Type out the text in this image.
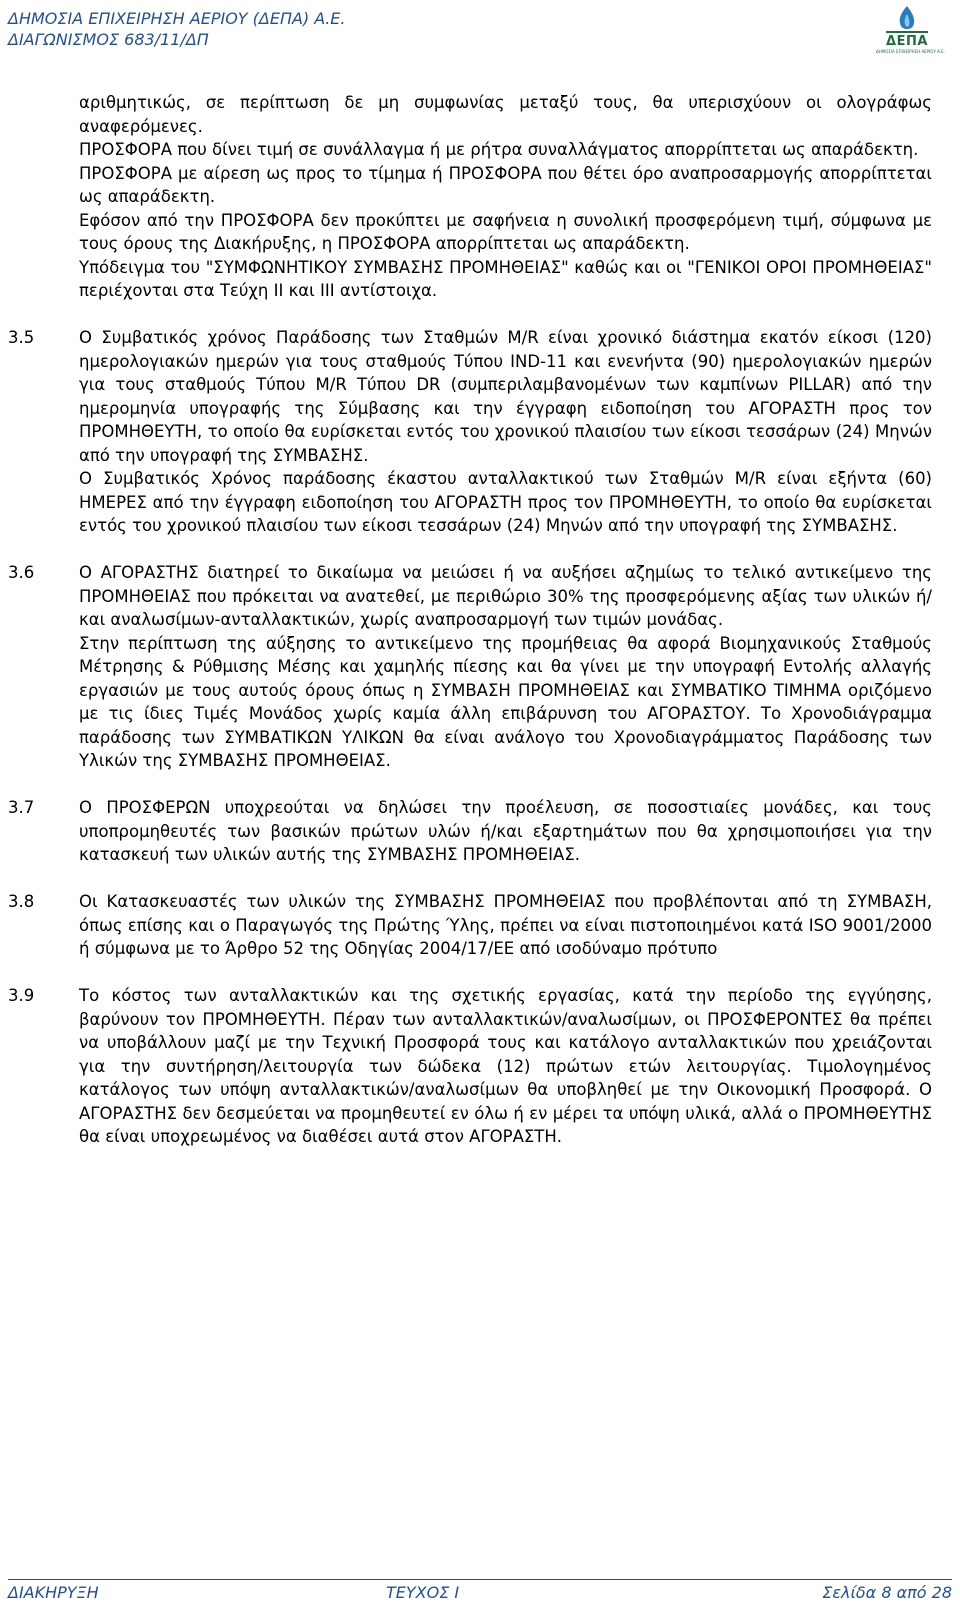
ΔΗΜΟΣΙΑ ΕΠΙΧΕΙΡΗΣΗ ΑΕΡΙΟΥ (ΔΕΠΑ) Α.Ε.
ΔΙΑΓΩΝΙΣΜΟΣ 683/11/ΔΠ	ΔΕΠΑ
ΔΗΜΟΣΙΑ ΕΠΙΧΕΙΡΗΣΗ ΑΕΡΙΟΥ Α.Ε.

αριθμητικώς, σε περίπτωση δε μη συμφωνίας μεταξύ τους, θα υπερισχύουν οι ολογράφως αναφερόμενες.

ΠΡΟΣΦΟΡΑ που δίνει τιμή σε συνάλλαγμα ή με ρήτρα συναλλάγματος απορρίπτεται ως απαράδεκτη.

ΠΡΟΣΦΟΡΑ με αίρεση ως προς το τίμημα ή ΠΡΟΣΦΟΡΑ που θέτει όρο αναπροσαρμογής απορρίπτεται ως απαράδεκτη.

Εφόσον από την ΠΡΟΣΦΟΡΑ δεν προκύπτει με σαφήνεια η συνολική προσφερόμενη τιμή, σύμφωνα με τους όρους της Διακήρυξης, η ΠΡΟΣΦΟΡΑ απορρίπτεται ως απαράδεκτη.

Υπόδειγμα του "ΣΥΜΦΩΝΗΤΙΚΟΥ ΣΥΜΒΑΣΗΣ ΠΡΟΜΗΘΕΙΑΣ" καθώς και οι "ΓΕΝΙΚΟΙ ΟΡΟΙ ΠΡΟΜΗΘΕΙΑΣ" περιέχονται στα Τεύχη ΙΙ και ΙΙΙ αντίστοιχα.

3.5	Ο Συμβατικός χρόνος Παράδοσης των Σταθμών M/R είναι χρονικό διάστημα εκατόν είκοσι (120) ημερολογιακών ημερών για τους σταθμούς Τύπου IND-11 και ενενήντα (90) ημερολογιακών ημερών για τους σταθμούς Τύπου M/R Τύπου DR (συμπεριλαμβανομένων των καμπίνων PILLAR) από την ημερομηνία υπογραφής της Σύμβασης και την έγγραφη ειδοποίηση του ΑΓΟΡΑΣΤΗ προς τον ΠΡΟΜΗΘΕΥΤΗ, το οποίο θα ευρίσκεται εντός του χρονικού πλαισίου των είκοσι τεσσάρων (24) Μηνών από την υπογραφή της ΣΥΜΒΑΣΗΣ.

Ο Συμβατικός Χρόνος παράδοσης έκαστου ανταλλακτικού των Σταθμών M/R είναι εξήντα (60) ΗΜΕΡΕΣ από την έγγραφη ειδοποίηση του ΑΓΟΡΑΣΤΗ προς τον ΠΡΟΜΗΘΕΥΤΗ, το οποίο θα ευρίσκεται εντός του χρονικού πλαισίου των είκοσι τεσσάρων (24) Μηνών από την υπογραφή της ΣΥΜΒΑΣΗΣ.

3.6	Ο ΑΓΟΡΑΣΤΗΣ διατηρεί το δικαίωμα να μειώσει ή να αυξήσει αζημίως το τελικό αντικείμενο της ΠΡΟΜΗΘΕΙΑΣ που πρόκειται να ανατεθεί, με περιθώριο 30% της προσφερόμενης αξίας των υλικών ή/και αναλωσίμων-ανταλλακτικών, χωρίς αναπροσαρμογή των τιμών μονάδας.

Στην περίπτωση της αύξησης το αντικείμενο της προμήθειας θα αφορά Βιομηχανικούς Σταθμούς Μέτρησης & Ρύθμισης Μέσης και χαμηλής πίεσης και θα γίνει με την υπογραφή Εντολής αλλαγής εργασιών με τους αυτούς όρους όπως η ΣΥΜΒΑΣΗ ΠΡΟΜΗΘΕΙΑΣ και ΣΥΜΒΑΤΙΚΟ ΤΙΜΗΜΑ οριζόμενο με τις ίδιες Τιμές Μονάδος χωρίς καμία άλλη επιβάρυνση του ΑΓΟΡΑΣΤΟΥ. Το Χρονοδιάγραμμα παράδοσης των ΣΥΜΒΑΤΙΚΩΝ ΥΛΙΚΩΝ θα είναι ανάλογο του Χρονοδιαγράμματος Παράδοσης των Υλικών της ΣΥΜΒΑΣΗΣ ΠΡΟΜΗΘΕΙΑΣ.

3.7	Ο ΠΡΟΣΦΕΡΩΝ υποχρεούται να δηλώσει την προέλευση, σε ποσοστιαίες μονάδες, και τους υποπρομηθευτές των βασικών πρώτων υλών ή/και εξαρτημάτων που θα χρησιμοποιήσει για την κατασκευή των υλικών αυτής της ΣΥΜΒΑΣΗΣ ΠΡΟΜΗΘΕΙΑΣ.

3.8	Οι Κατασκευαστές των υλικών της ΣΥΜΒΑΣΗΣ ΠΡΟΜΗΘΕΙΑΣ που προβλέπονται από τη ΣΥΜΒΑΣΗ, όπως επίσης και ο Παραγωγός της Πρώτης Ύλης, πρέπει να είναι πιστοποιημένοι κατά ISO 9001/2000 ή σύμφωνα με το Άρθρο 52 της Οδηγίας 2004/17/ΕΕ από ισοδύναμο πρότυπο

3.9	Το κόστος των ανταλλακτικών και της σχετικής εργασίας, κατά την περίοδο της εγγύησης, βαρύνουν τον ΠΡΟΜΗΘΕΥΤΗ. Πέραν των ανταλλακτικών/αναλωσίμων, οι ΠΡΟΣΦΕΡΟΝΤΕΣ θα πρέπει να υποβάλλουν μαζί με την Τεχνική Προσφορά τους και κατάλογο ανταλλακτικών που χρειάζονται για την συντήρηση/λειτουργία των δώδεκα (12) πρώτων ετών λειτουργίας. Τιμολογημένος κατάλογος των υπόψη ανταλλακτικών/αναλωσίμων θα υποβληθεί με την Οικονομική Προσφορά. Ο ΑΓΟΡΑΣΤΗΣ δεν δεσμεύεται να προμηθευτεί εν όλω ή εν μέρει τα υπόψη υλικά, αλλά ο ΠΡΟΜΗΘΕΥΤΗΣ θα είναι υποχρεωμένος να διαθέσει αυτά στον ΑΓΟΡΑΣΤΗ.

ΔΙΑΚΗΡΥΞΗ	ΤΕΥΧΟΣ Ι	Σελίδα 8 από 28
